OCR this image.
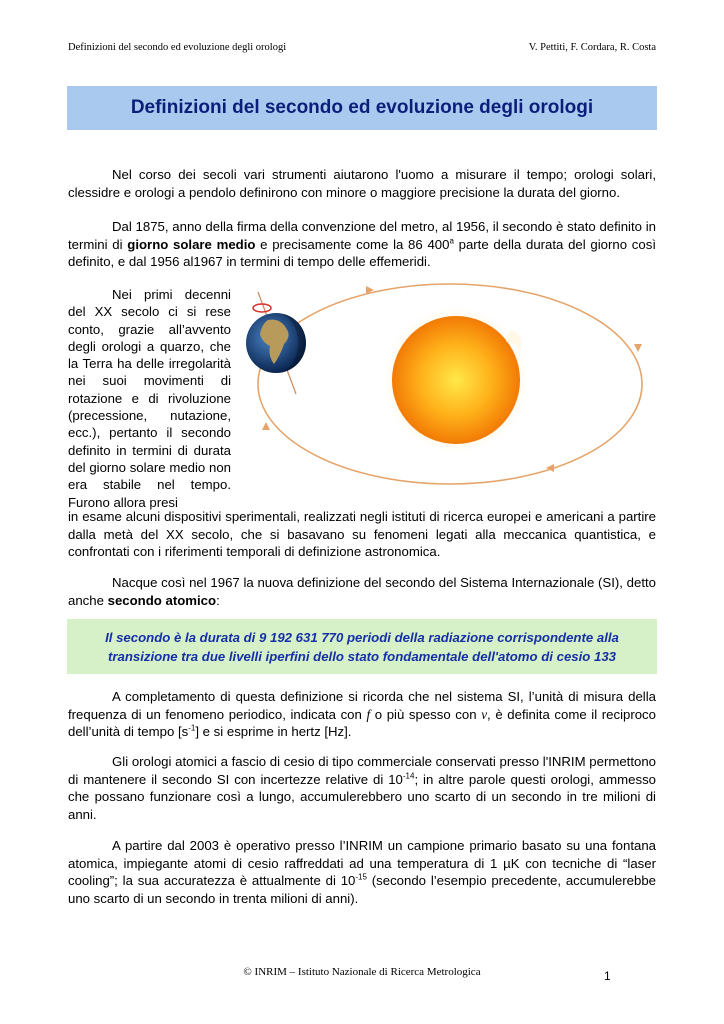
Definizioni del secondo ed evoluzione degli orologi	V. Pettiti, F. Cordara, R. Costa
Definizioni del secondo ed evoluzione degli orologi
Nel corso dei secoli vari strumenti aiutarono l'uomo a misurare il tempo; orologi solari, clessidre e orologi a pendolo definirono con minore o maggiore precisione la durata del giorno.
Dal 1875, anno della firma della convenzione del metro, al 1956, il secondo è stato definito in termini di giorno solare medio e precisamente come la 86 400$^a$ parte della durata del giorno così definito, e dal 1956 al1967 in termini di tempo delle effemeridi.
Nei primi decenni del XX secolo ci si rese conto, grazie all’avvento degli orologi a quarzo, che la Terra ha delle irregolarità nei suoi movimenti di rotazione e di rivoluzione (precessione, nutazione, ecc.), pertanto il secondo definito in termini di durata del giorno solare medio non era stabile nel tempo. Furono allora presi
in esame alcuni dispositivi sperimentali, realizzati negli istituti di ricerca europei e americani a partire dalla metà del XX secolo, che si basavano su fenomeni legati alla meccanica quantistica, e confrontati con i riferimenti temporali di definizione astronomica.
Nacque così nel 1967 la nuova definizione del secondo del Sistema Internazionale (SI), detto anche secondo atomico:
Il secondo è la durata di 9 192 631 770 periodi della radiazione corrispondente alla
transizione tra due livelli iperfini dello stato fondamentale dell'atomo di cesio 133
A completamento di questa definizione si ricorda che nel sistema SI, l’unità di misura della frequenza di un fenomeno periodico, indicata con f o più spesso con ν, è definita come il reciproco dell’unità di tempo $[s^{-1}]$ e si esprime in hertz [Hz].
Gli orologi atomici a fascio di cesio di tipo commerciale conservati presso l'INRIM permettono di mantenere il secondo SI con incertezze relative di $10^{-14}$; in altre parole questi orologi, ammesso che possano funzionare così a lungo, accumulerebbero uno scarto di un secondo in tre milioni di anni.
A partire dal 2003 è operativo presso l’INRIM un campione primario basato su una fontana atomica, impiegante atomi di cesio raffreddati ad una temperatura di 1 µK con tecniche di “laser cooling”; la sua accuratezza è attualmente di $10^{-15}$ (secondo l’esempio precedente, accumulerebbe uno scarto di un secondo in trenta milioni di anni).
© INRIM – Istituto Nazionale di Ricerca Metrologica	1
